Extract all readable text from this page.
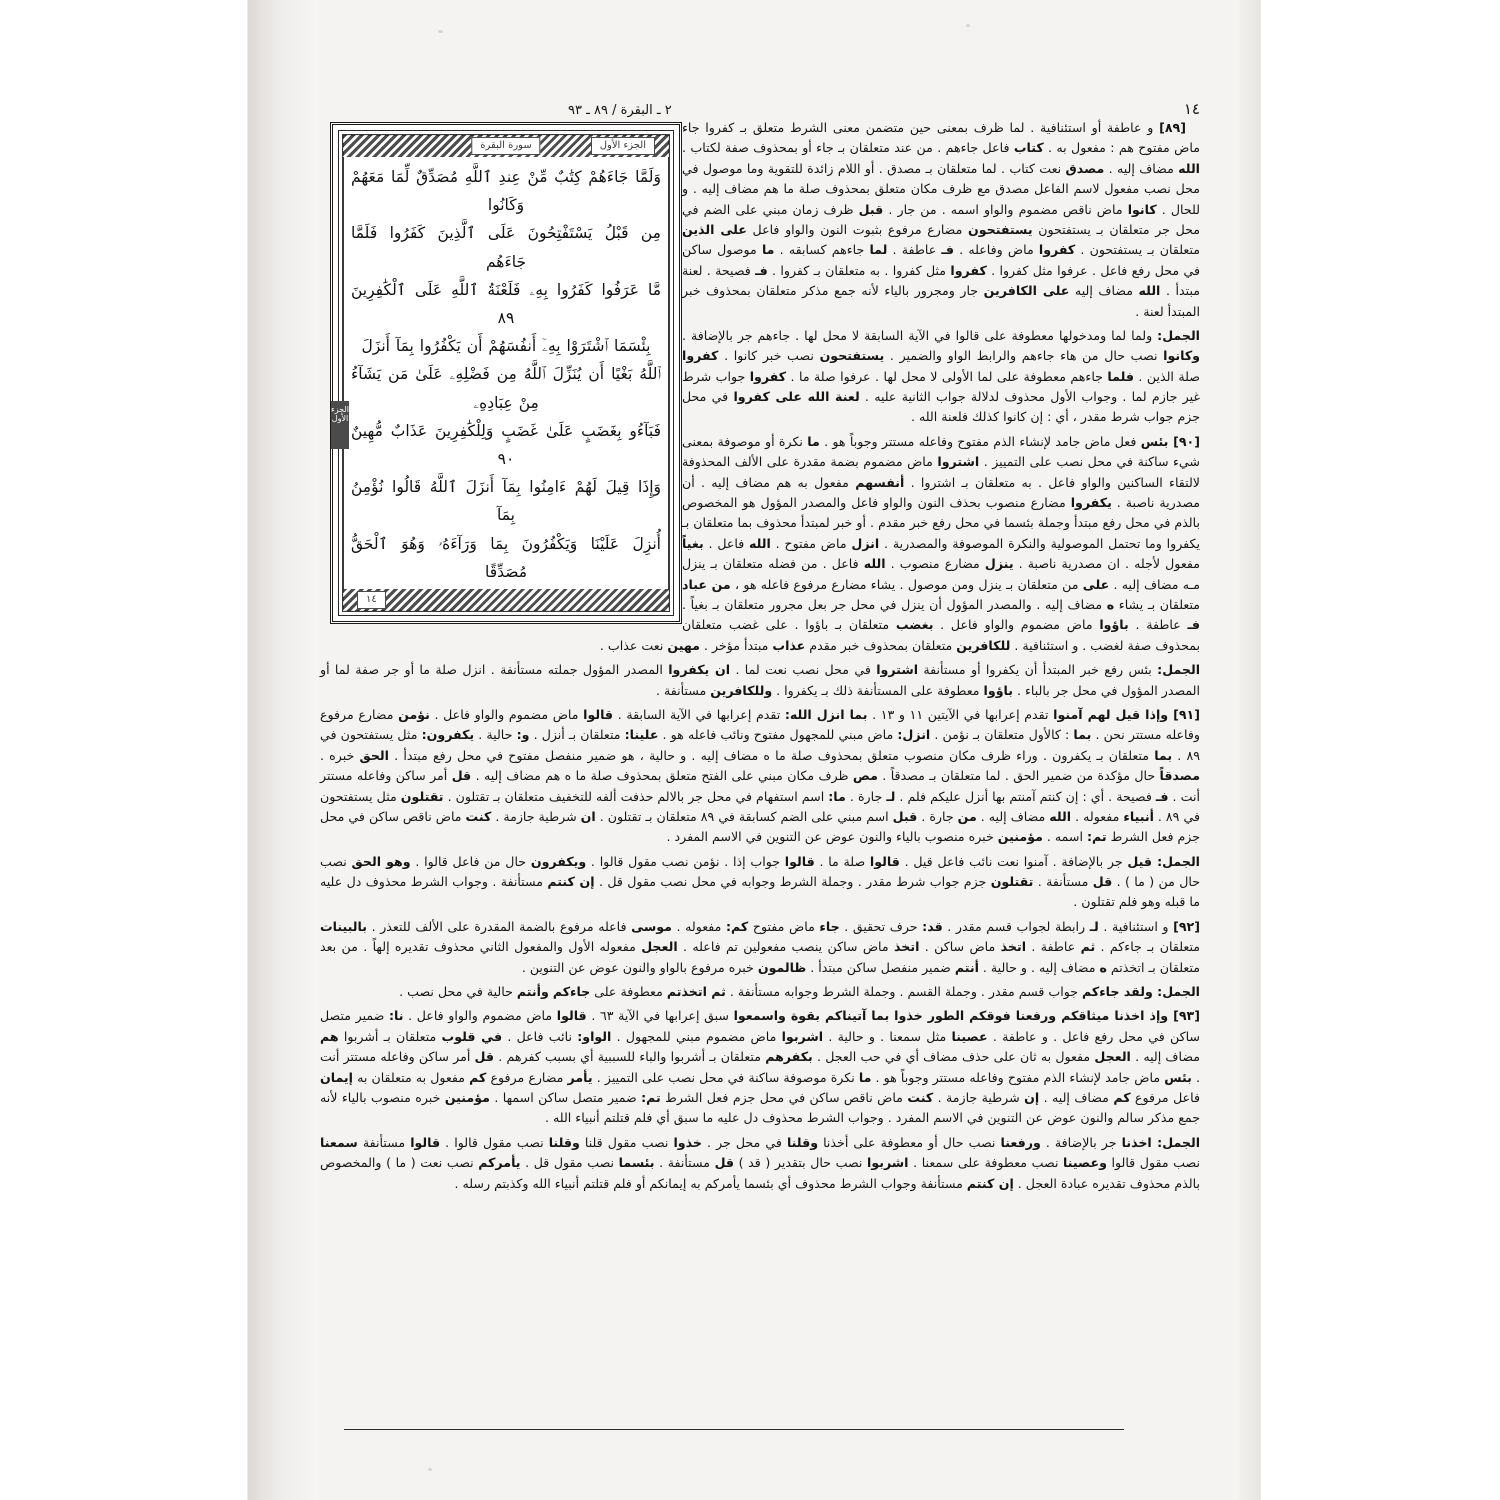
١٤
٢ ـ البقرة / ٨٩ ـ ٩٣
الجزء الأول
سورة البقرة
الجزء الأول
وَلَمَّا جَاءَهُمْ كِتَٰبٌ مِّنْ عِندِ ٱللَّهِ مُصَدِّقٌ لِّمَا مَعَهُمْ وَكَانُوا
مِن قَبْلُ يَسْتَفْتِحُونَ عَلَى ٱلَّذِينَ كَفَرُوا فَلَمَّا جَاءَهُم
مَّا عَرَفُوا كَفَرُوا بِهِۦ فَلَعْنَةُ ٱللَّهِ عَلَى ٱلْكَٰفِرِينَ ٨٩
بِئْسَمَا ٱشْتَرَوْا بِهِۦٓ أَنفُسَهُمْ أَن يَكْفُرُوا بِمَآ أَنزَلَ
ٱللَّهُ بَغْيًا أَن يُنَزِّلَ ٱللَّهُ مِن فَضْلِهِۦ عَلَىٰ مَن يَشَآءُ مِنْ عِبَادِهِۦ
فَبَآءُو بِغَضَبٍ عَلَىٰ غَضَبٍ وَلِلْكَٰفِرِينَ عَذَابٌ مُّهِينٌ ٩٠
وَإِذَا قِيلَ لَهُمْ ءَامِنُوا بِمَآ أَنزَلَ ٱللَّهُ قَالُوا نُؤْمِنُ بِمَآ
أُنزِلَ عَلَيْنَا وَيَكْفُرُونَ بِمَا وَرَآءَهُۥ وَهُوَ ٱلْحَقُّ مُصَدِّقًا
١٤

[٨٩] و عاطفة أو استئنافية . لما ظرف بمعنى حين متضمن معنى الشرط متعلق بـ كفروا جاء ماض مفتوح هم : مفعول به . كتاب فاعل جاءهم . من عند متعلقان بـ جاء أو بمحذوف صفة لكتاب . الله مضاف إليه . مصدق نعت كتاب . لما متعلقان بـ مصدق . أو اللام زائدة للتقوية وما موصول في محل نصب مفعول لاسم الفاعل مصدق مع ظرف مكان متعلق بمحذوف صلة ما هم مضاف إليه . و للحال . كانوا ماض ناقص مضموم والواو اسمه . من جار . قبل ظرف زمان مبني على الضم في محل جر متعلقان بـ يستفتحون يستفتحون مضارع مرفوع بثبوت النون والواو فاعل على الذين متعلقان بـ يستفتحون . كفروا ماض وفاعله . فـ عاطفة . لما جاءهم كسابقه . ما موصول ساكن في محل رفع فاعل . عرفوا مثل كفروا . كفروا مثل كفروا . به متعلقان بـ كفروا . فـ فصيحة . لعنة مبتدأ . الله مضاف إليه على الكافرين جار ومجرور بالياء لأنه جمع مذكر متعلقان بمحذوف خبر المبتدأ لعنة .

الجمل: ولما لما ومدخولها معطوفة على قالوا في الآية السابقة لا محل لها . جاءهم جر بالإضافة . وكانوا نصب حال من هاء جاءهم والرابط الواو والضمير . يستفتحون نصب خبر كانوا . كفروا صلة الذين . فلما جاءهم معطوفة على لما الأولى لا محل لها . عرفوا صلة ما . كفروا جواب شرط غير جازم لما . وجواب الأول محذوف لدلالة جواب الثانية عليه . لعنة الله على كفروا في محل جزم جواب شرط مقدر ، أي : إن كانوا كذلك فلعنة الله .

[٩٠] بئس فعل ماض جامد لإنشاء الذم مفتوح وفاعله مستتر وجوباً هو . ما نكرة أو موصوفة بمعنى شيء ساكنة في محل نصب على التمييز . اشتروا ماض مضموم بضمة مقدرة على الألف المحذوفة لالتقاء الساكنين والواو فاعل . به متعلقان بـ اشتروا . أنفسهم مفعول به هم مضاف إليه . أن مصدرية ناصبة . يكفروا مضارع منصوب بحذف النون والواو فاعل والمصدر المؤول هو المخصوص بالذم في محل رفع مبتدأ وجملة بئسما في محل رفع خبر مقدم . أو خبر لمبتدأ محذوف بما متعلقان بـ يكفروا وما تحتمل الموصولية والنكرة الموصوفة والمصدرية . انزل ماض مفتوح . الله فاعل . بغياً مفعول لأجله . ان مصدرية ناصبة . ينزل مضارع منصوب . الله فاعل . من فضله متعلقان بـ ينزل مـه مضاف إليه . على من متعلقان بـ ينزل ومن موصول . يشاء مضارع مرفوع فاعله هو ، من عباد متعلقان بـ يشاء ه مضاف إليه . والمصدر المؤول أن ينزل في محل جر بعل مجرور متعلقان بـ بغياً . فـ عاطفة . باؤوا ماض مضموم والواو فاعل . بغضب متعلقان بـ باؤوا . على غضب متعلقان بمحذوف صفة لغضب . و استئنافية . للكافرين متعلقان بمحذوف خبر مقدم عذاب مبتدأ مؤخر . مهين نعت عذاب .

الجمل: بئس رفع خبر المبتدأ أن يكفروا أو مستأنفة اشتروا في محل نصب نعت لما . ان يكفروا المصدر المؤول جملته مستأنفة . انزل صلة ما أو جر صفة لما أو المصدر المؤول في محل جر بالباء . باؤوا معطوفة على المستأنفة ذلك بـ يكفروا . وللكافرين مستأنفة .

[٩١] وإذا قيل لهم آمنوا تقدم إعرابها في الآيتين ١١ و ١٣ . بما انزل الله: تقدم إعرابها في الآية السابقة . قالوا ماض مضموم والواو فاعل . نؤمن مضارع مرفوع وفاعله مستتر نحن . بما : كالأول متعلقان بـ نؤمن . انزل: ماض مبني للمجهول مفتوح ونائب فاعله هو . علينا: متعلقان بـ أنزل . و: حالية . يكفرون: مثل يستفتحون في ٨٩ . بما متعلقان بـ يكفرون . وراء ظرف مكان منصوب متعلق بمحذوف صلة ما ه مضاف إليه . و حالية ، هو ضمير منفصل مفتوح في محل رفع مبتدأ . الحق خبره . مصدقاً حال مؤكدة من ضمير الحق . لما متعلقان بـ مصدقاً . مص ظرف مكان مبني على الفتح متعلق بمحذوف صلة ما ه هم مضاف إليه . قل أمر ساكن وفاعله مستتر أنت . فـ فصيحة . أي : إن كنتم آمنتم بها أنزل عليكم فلم . لـ جارة . ما: اسم استفهام في محل جر بالالم حذفت ألفه للتخفيف متعلقان بـ تقتلون . تقتلون مثل يستفتحون في ٨٩ . أنبياء مفعوله . الله مضاف إليه . من جارة . قبل اسم مبني على الضم كسابقة في ٨٩ متعلقان بـ تقتلون . ان شرطية جازمة . كنت ماض ناقص ساكن في محل جزم فعل الشرط تم: اسمه . مؤمنين خبره منصوب بالياء والنون عوض عن التنوين في الاسم المفرد .

الجمل: قيل جر بالإضافة . آمنوا نعت نائب فاعل قيل . قالوا صلة ما . قالوا جواب إذا . نؤمن نصب مقول قالوا . ويكفرون حال من فاعل قالوا . وهو الحق نصب حال من ( ما ) . قل مستأنفة . تقتلون جزم جواب شرط مقدر . وجملة الشرط وجوابه في محل نصب مقول قل . إن كنتم مستأنفة . وجواب الشرط محذوف دل عليه ما قبله وهو فلم تقتلون .

[٩٢] و استئنافية . لـ رابطة لجواب قسم مقدر . قد: حرف تحقيق . جاء ماض مفتوح كم: مفعوله . موسى فاعله مرفوع بالضمة المقدرة على الألف للتعذر . بالبينات متعلقان بـ جاءكم . ثم عاطفة . اتخذ ماض ساكن . اتخذ ماض ساكن ينصب مفعولين تم فاعله . العجل مفعوله الأول والمفعول الثاني محذوف تقديره إلهاً . من بعد متعلقان بـ اتخذتم ه مضاف إليه . و حالية . أنتم ضمير منفصل ساكن مبتدأ . ظالمون خبره مرفوع بالواو والنون عوض عن التنوين .

الجمل: ولقد جاءكم جواب قسم مقدر . وجملة القسم . وجملة الشرط وجوابه مستأنفة . ثم اتخذتم معطوفة على جاءكم وأنتم حالية في محل نصب .

[٩٣] وإذ اخذنا ميثاقكم ورفعنا فوقكم الطور خذوا بما آتيناكم بقوة واسمعوا سبق إعرابها في الآية ٦٣ . قالوا ماض مضموم والواو فاعل . نا: ضمير متصل ساكن في محل رفع فاعل . و عاطفة . عصينا مثل سمعنا . و حالية . اشربوا ماض مضموم مبني للمجهول . الواو: نائب فاعل . في قلوب متعلقان بـ أشربوا هم مضاف إليه . العجل مفعول به ثان على حذف مضاف أي في حب العجل . بكفرهم متعلقان بـ أشربوا والباء للسببية أي بسبب كفرهم . قل أمر ساكن وفاعله مستتر أنت . بئس ماض جامد لإنشاء الذم مفتوح وفاعله مستتر وجوباً هو . ما نكرة موصوفة ساكنة في محل نصب على التمييز . يأمر مضارع مرفوع كم مفعول به متعلقان به إيمان فاعل مرفوع كم مضاف إليه . إن شرطية جازمة . كنت ماض ناقص ساكن في محل جزم فعل الشرط تم: ضمير متصل ساكن اسمها . مؤمنين خبره منصوب بالياء لأنه جمع مذكر سالم والنون عوض عن التنوين في الاسم المفرد . وجواب الشرط محذوف دل عليه ما سبق أي فلم قتلتم أنبياء الله .

الجمل: اخذنا جر بالإضافة . ورفعنا نصب حال أو معطوفة على أخذنا وقلنا في محل جر . خذوا نصب مقول قلنا وقلنا نصب مقول قالوا . قالوا مستأنفة سمعنا نصب مقول قالوا وعصينا نصب معطوفة على سمعنا . اشربوا نصب حال بتقدير ( قد ) قل مستأنفة . بئسما نصب مقول قل . يأمركم نصب نعت ( ما ) والمخصوص بالذم محذوف تقديره عبادة العجل . إن كنتم مستأنفة وجواب الشرط محذوف أي بئسما يأمركم به إيمانكم أو فلم قتلتم أنبياء الله وكذبتم رسله .
